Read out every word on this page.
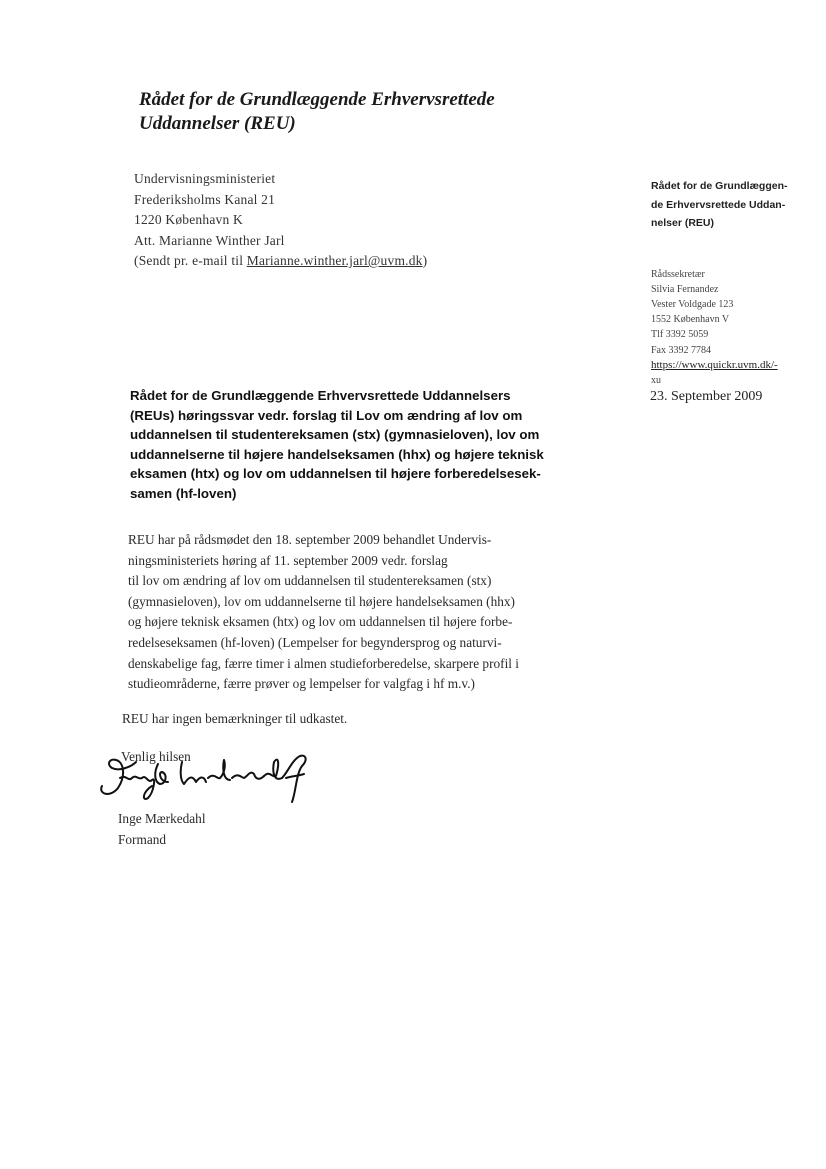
Rådet for de Grundlæggende Erhvervsrettede
Uddannelser (REU)
Undervisningsministeriet
Frederiksholms Kanal 21
1220 København K
Att. Marianne Winther Jarl
(Sendt pr. e-mail til Marianne.winther.jarl@uvm.dk)
Rådet for de Grundlæggen-
de Erhvervsrettede Uddan-
nelser (REU)
Rådssekretær
Silvia Fernandez
Vester Voldgade 123
1552 København V
Tlf 3392 5059
Fax 3392 7784
https://www.quickr.uvm.dk/-
xu
23. September 2009
Rådet for de Grundlæggende Erhvervsrettede Uddannelsers
(REUs) høringssvar vedr. forslag til Lov om ændring af lov om
uddannelsen til studentereksamen (stx) (gymnasieloven), lov om
uddannelserne til højere handelseksamen (hhx) og højere teknisk
eksamen (htx) og lov om uddannelsen til højere forberedelsesek-
samen (hf-loven)
REU har på rådsmødet den 18. september 2009 behandlet Undervis-
ningsministeriets høring af 11. september 2009 vedr. forslag
til lov om ændring af lov om uddannelsen til studentereksamen (stx)
(gymnasieloven), lov om uddannelserne til højere handelseksamen (hhx)
og højere teknisk eksamen (htx) og lov om uddannelsen til højere forbe-
redelseseksamen (hf-loven) (Lempelser for begyndersprog og naturvi-
denskabelige fag, færre timer i almen studieforberedelse, skarpere profil i
studieområderne, færre prøver og lempelser for valgfag i hf m.v.)
REU har ingen bemærkninger til udkastet.
Venlig hilsen
Inge Mærkedahl
Formand
